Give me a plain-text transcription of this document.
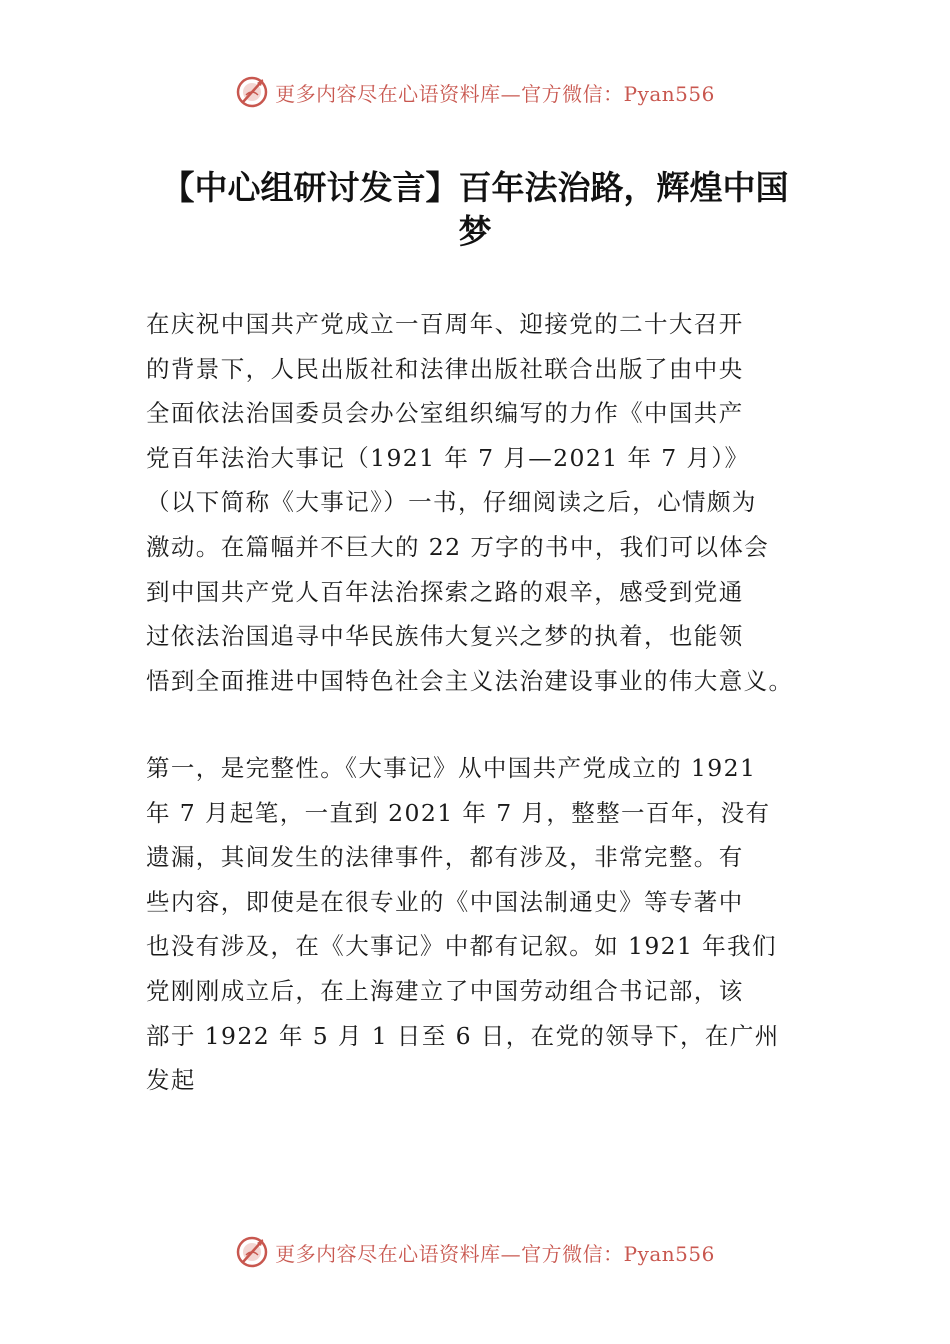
更多内容尽在心语资料库—官方微信：Pyan556
【中心组研讨发言】百年法治路，辉煌中国
梦
在庆祝中国共产党成立一百周年、迎接党的二十大召开
的背景下，人民出版社和法律出版社联合出版了由中央
全面依法治国委员会办公室组织编写的力作《中国共产
党百年法治大事记（1921 年 7 月—2021 年 7 月）》
（以下简称《大事记》）一书，仔细阅读之后，心情颇为
激动。在篇幅并不巨大的 22 万字的书中，我们可以体会
到中国共产党人百年法治探索之路的艰辛，感受到党通
过依法治国追寻中华民族伟大复兴之梦的执着，也能领
悟到全面推进中国特色社会主义法治建设事业的伟大意义。
第一，是完整性。《大事记》从中国共产党成立的 1921
年 7 月起笔，一直到 2021 年 7 月，整整一百年，没有
遗漏，其间发生的法律事件，都有涉及，非常完整。有
些内容，即使是在很专业的《中国法制通史》等专著中
也没有涉及，在《大事记》中都有记叙。如 1921 年我们
党刚刚成立后，在上海建立了中国劳动组合书记部，该
部于 1922 年 5 月 1 日至 6 日，在党的领导下，在广州
发起
更多内容尽在心语资料库—官方微信：Pyan556
